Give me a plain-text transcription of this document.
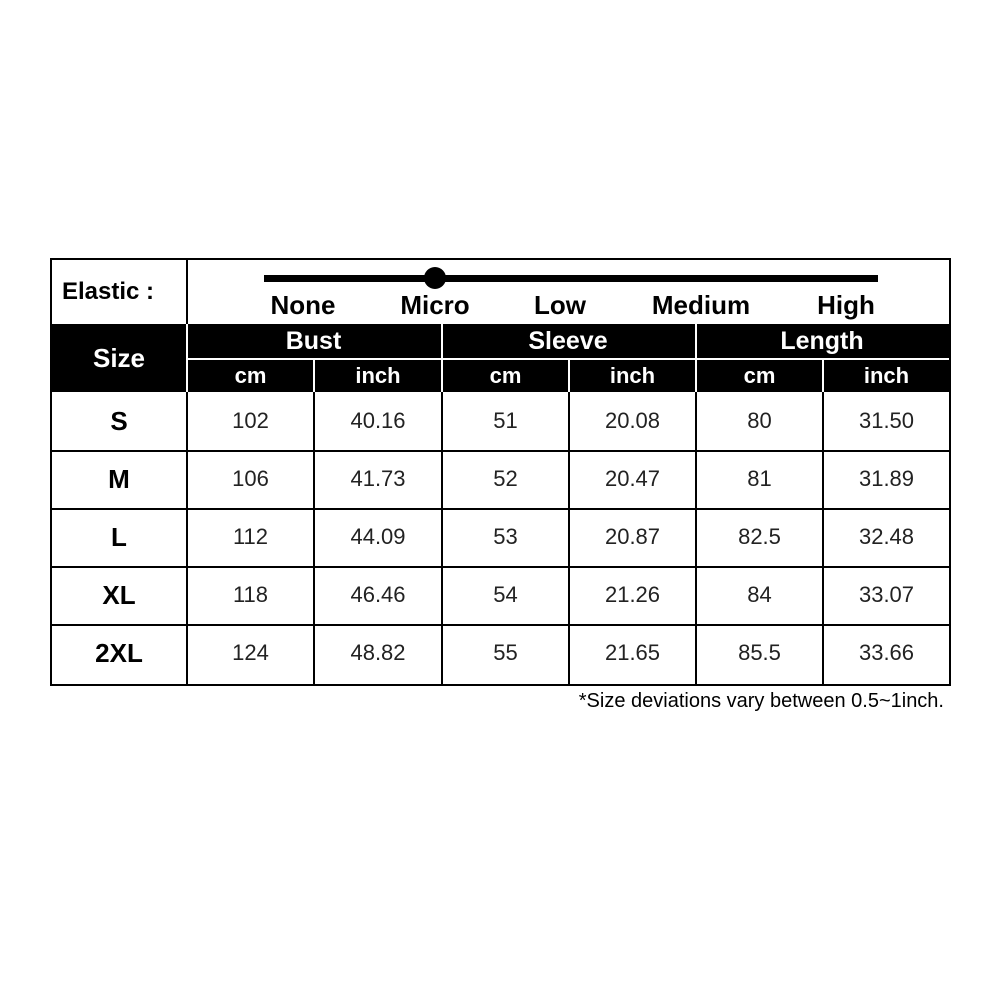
Elastic :	None Micro Low	Medium	High
Size
Bust	Sleeve	Length
cm	inch	cm	inch	cm	inch
S	102	40.16	51	20.08	80	31.50
M	106	41.73	52	20.47	81	31.89
L	112	44.09	53	20.87	82.5	32.48
XL	118	46.46	54	21.26	84	33.07
2XL	124	48.82	55	21.65	85.5	33.66
*Size deviations vary between 0.5~1inch.
